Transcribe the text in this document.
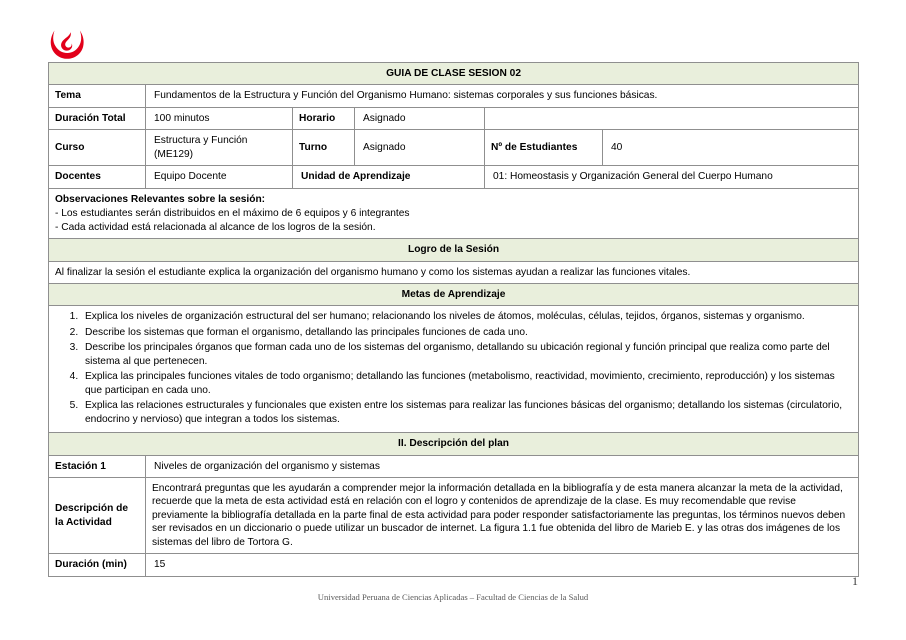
GUIA DE CLASE SESION 02					
Tema	Fundamentos de la Estructura y Función del Organismo Humano: sistemas corporales y sus funciones básicas.				
Duración Total	100 minutos	Horario	Asignado		
Curso	Estructura y Función (ME129)	Turno	Asignado	Nº de Estudiantes	40
Docentes	Equipo Docente	Unidad de Aprendizaje		01: Homeostasis y Organización General del Cuerpo Humano	

Observaciones Relevantes sobre la sesión:
- Los estudiantes serán distribuidos en el máximo de 6 equipos y 6 integrantes
- Cada actividad está relacionada al alcance de los logros de la sesión.					

Logro de la Sesión					
Al finalizar la sesión el estudiante explica la organización del organismo humano y como los sistemas ayudan a realizar las funciones vitales.					
Metas de Aprendizaje					

1. Explica los niveles de organización estructural del ser humano; relacionando los niveles de átomos, moléculas, células, tejidos, órganos, sistemas y organismo.
2. Describe los sistemas que forman el organismo, detallando las principales funciones de cada uno.
3. Describe los principales órganos que forman cada uno de los sistemas del organismo, detallando su ubicación regional y función principal que realiza como parte del sistema al que pertenecen.
4. Explica las principales funciones vitales de todo organismo; detallando las funciones (metabolismo, reactividad, movimiento, crecimiento, reproducción) y los sistemas que participan en cada uno.
5. Explica las relaciones estructurales y funcionales que existen entre los sistemas para realizar las funciones básicas del organismo; detallando los sistemas (circulatorio, endocrino y nervioso) que integran a todos los sistemas.

II. Descripción del plan					
Estación 1	Niveles de organización del organismo y sistemas				
Descripción de la Actividad	Encontrará preguntas que les ayudarán a comprender mejor la información detallada en la bibliografía y de esta manera alcanzar la meta de la actividad, recuerde que la meta de esta actividad está en relación con el logro y contenidos de aprendizaje de la clase. Es muy recomendable que revise previamente la bibliografía detallada en la parte final de esta actividad para poder responder satisfactoriamente las preguntas, los términos nuevos deben ser revisados en un diccionario o puede utilizar un buscador de internet. La figura 1.1 fue obtenida del libro de Marieb E. y las otras dos imágenes de los sistemas del libro de Tortora G.				
Duración (min)	15				
1
Universidad Peruana de Ciencias Aplicadas – Facultad de Ciencias de la Salud
